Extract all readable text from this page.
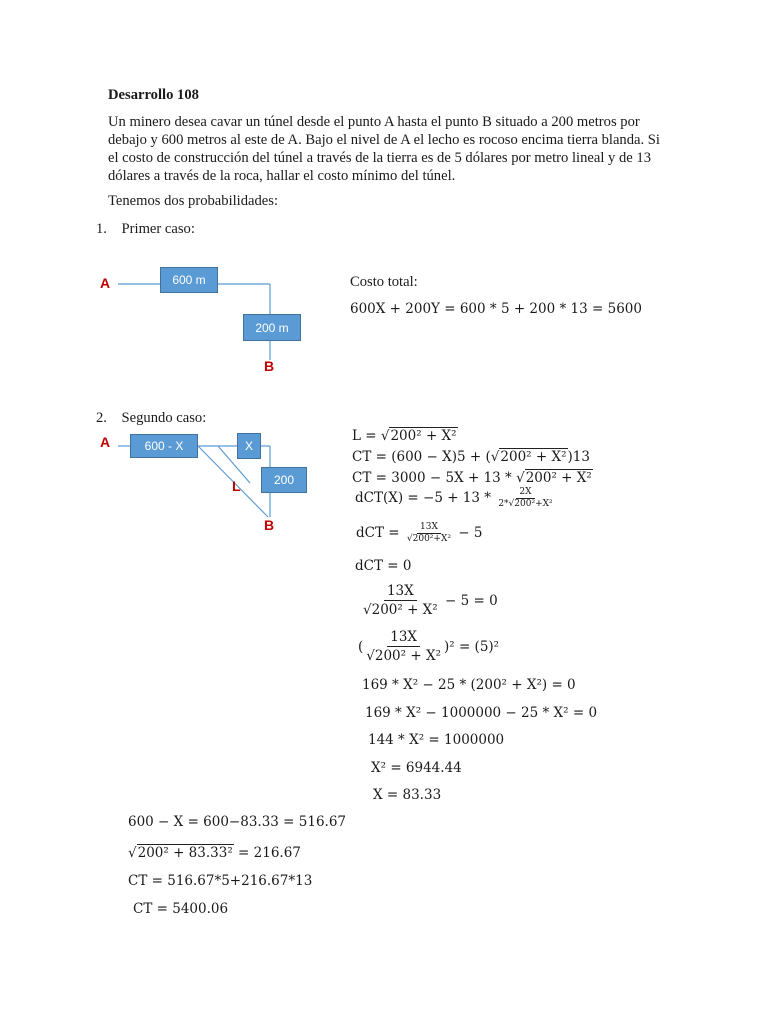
Desarrollo 108
Un minero desea cavar un túnel desde el punto A hasta el punto B situado a 200 metros por debajo y 600 metros al este de A. Bajo el nivel de A el lecho es rocoso encima tierra blanda. Si el costo de construcción del túnel a través de la tierra es de 5 dólares por metro lineal y de 13 dólares a través de la roca, hallar el costo mínimo del túnel.
Tenemos dos probabilidades:
1.    Primer caso:
A	600 m
200 m
B
Costo total:
600X + 200Y = 600 * 5 + 200 * 13 = 5600
2.    Segundo caso:
A	600 - X	X
200
L
B
L = √200² + X²
CT = (600 − X)5 + (√200² + X²)13
CT = 3000 − 5X + 13 * √200² + X²
$dCT(X) = -5 + 13 * \frac{2X}{\text{2*√200²+X²}}$
dCT = $\frac{13X}{\text{√200²+X²}} - 5$
dCT = 0
$\frac{13X}{\text{√200² + X²}} - 5 = 0$
( $\frac{13X}{\text{√200² + X²}} )^2 = (5)^2$
169 * X² − 25 * (200² + X²) = 0
169 * X² − 1000000 − 25 * X² = 0
144 * X² = 1000000
X² = 6944.44
X = 83.33
600 − X = 600−83.33 = 516.67
√200² + 83.33² = 216.67
CT = 516.67*5+216.67*13
CT = 5400.06
